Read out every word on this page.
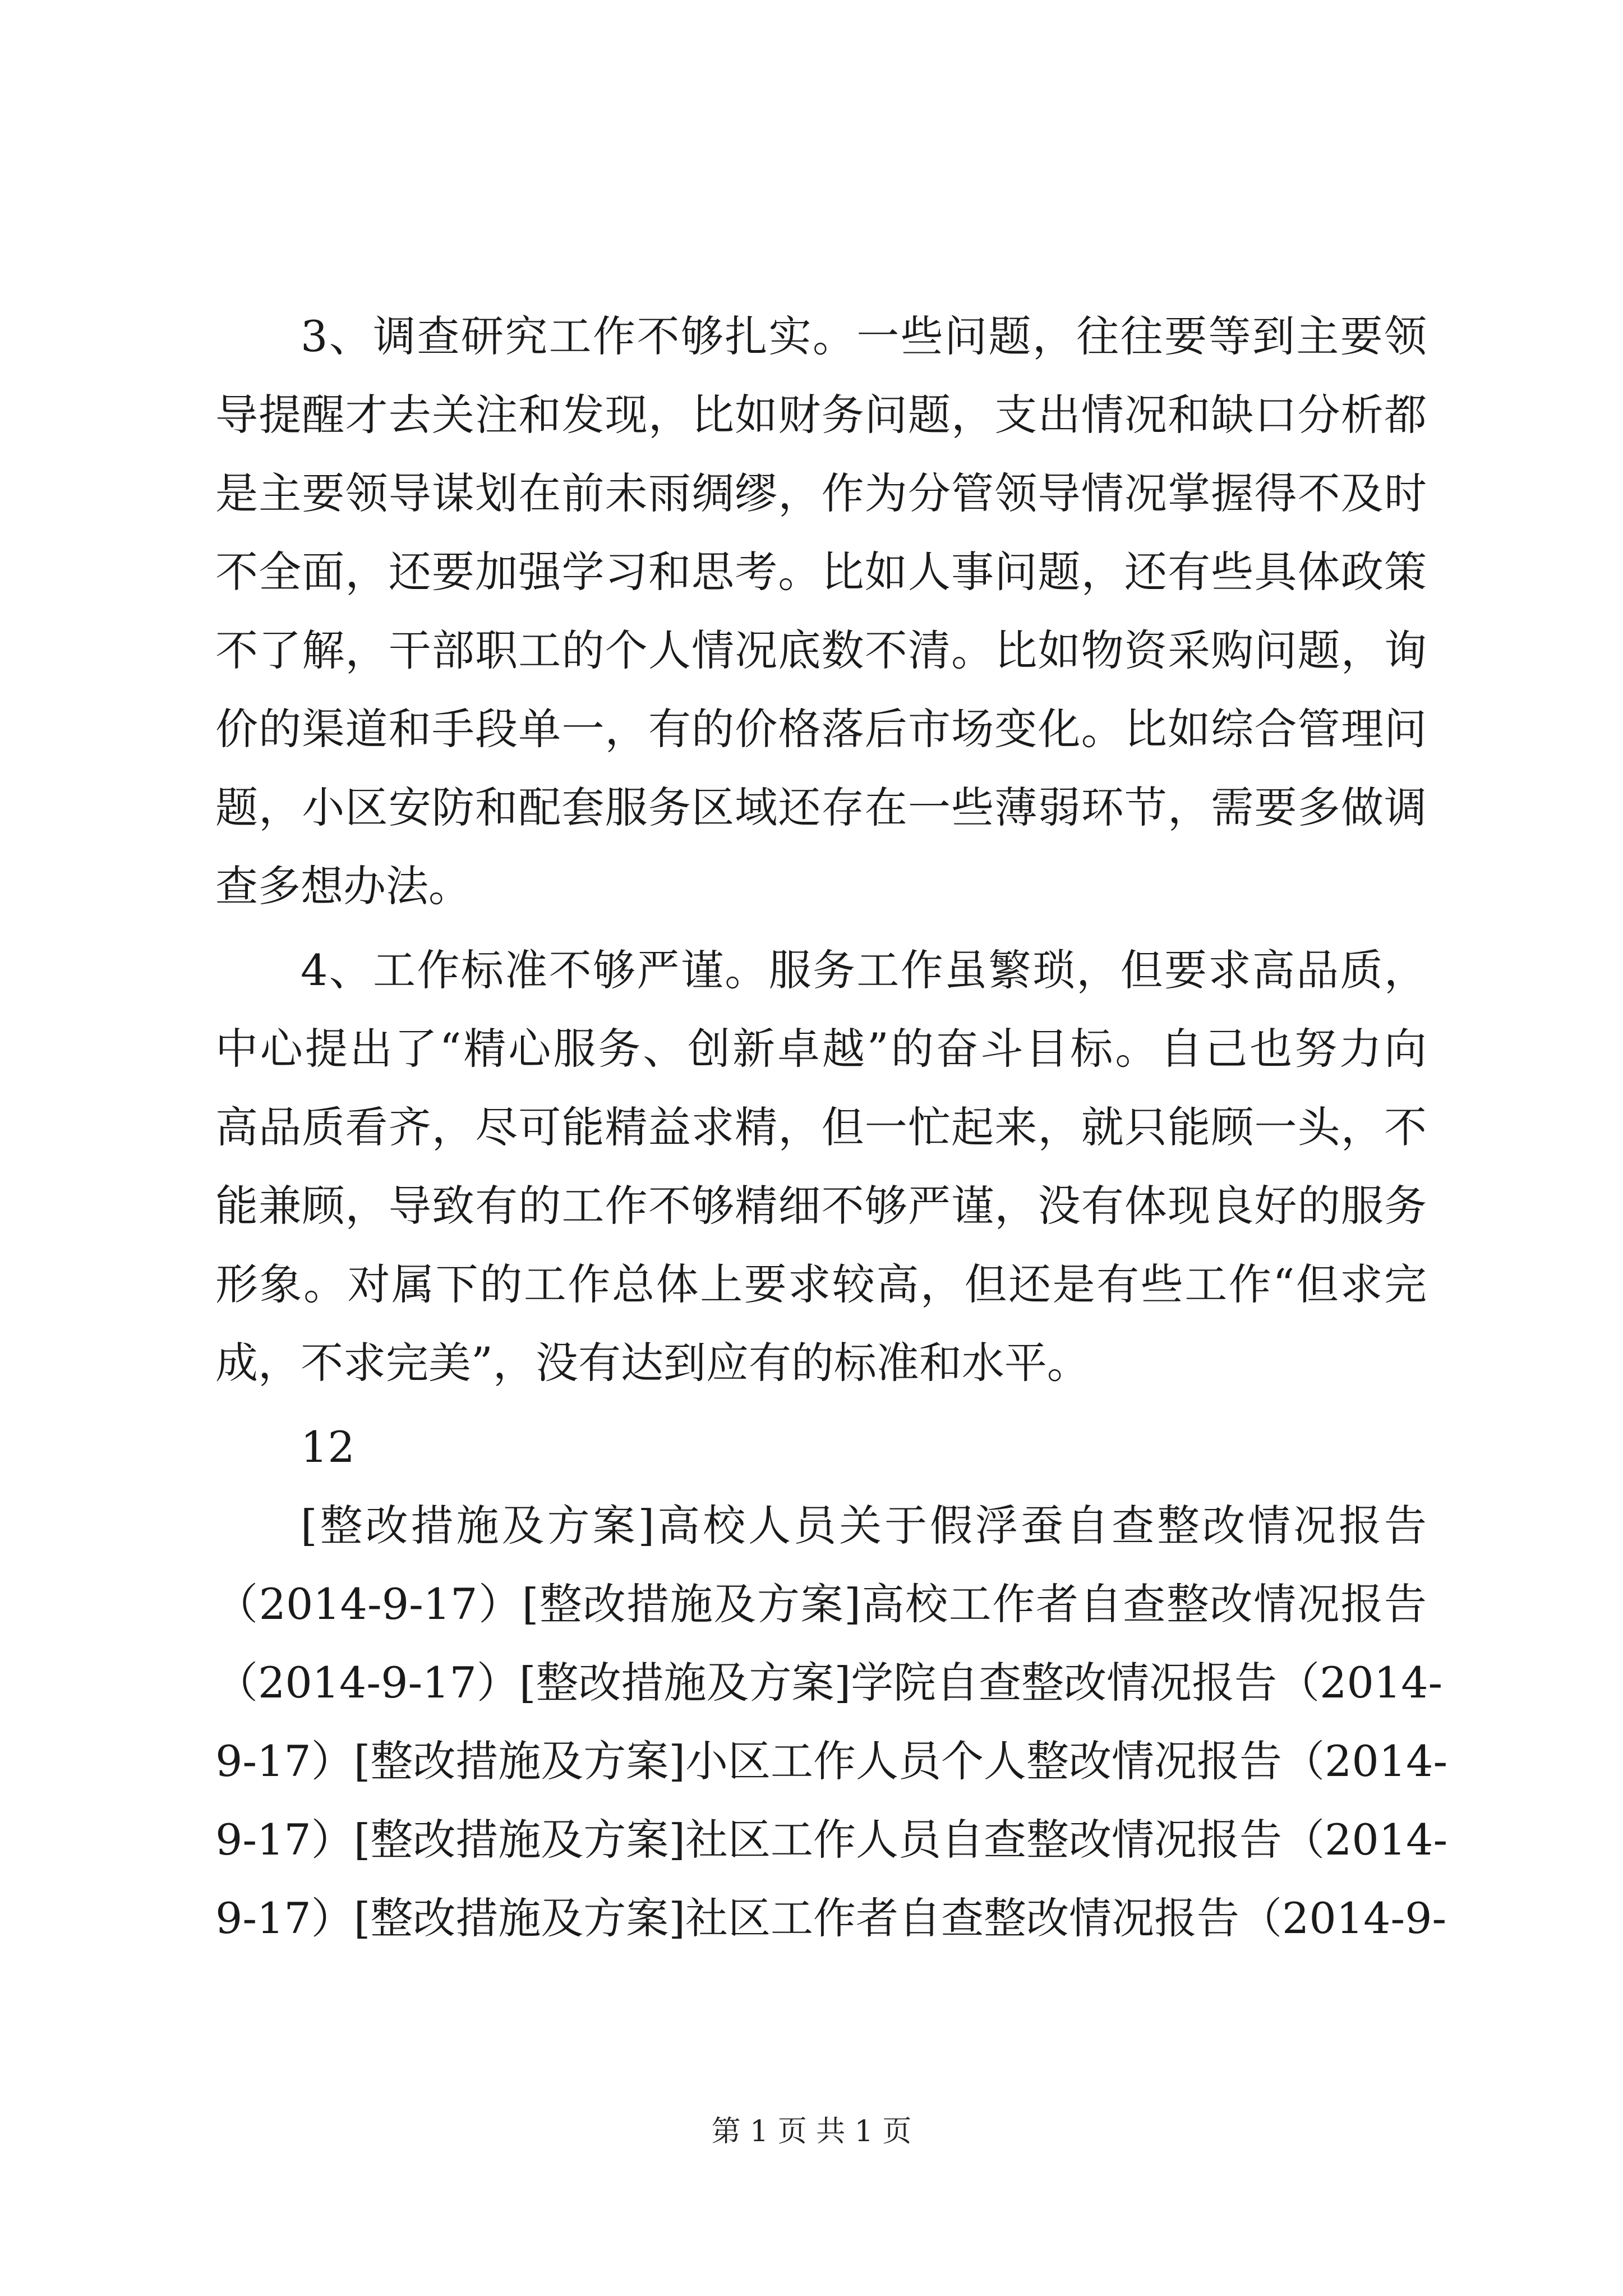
3、调查研究工作不够扎实。一些问题，往往要等到主要领
导提醒才去关注和发现，比如财务问题，支出情况和缺口分析都
是主要领导谋划在前未雨绸缪，作为分管领导情况掌握得不及时
不全面，还要加强学习和思考。比如人事问题，还有些具体政策
不了解，干部职工的个人情况底数不清。比如物资采购问题，询
价的渠道和手段单一，有的价格落后市场变化。比如综合管理问
题，小区安防和配套服务区域还存在一些薄弱环节，需要多做调
查多想办法。
4、工作标准不够严谨。服务工作虽繁琐，但要求高品质，
中心提出了“精心服务、创新卓越”的奋斗目标。自己也努力向
高品质看齐，尽可能精益求精，但一忙起来，就只能顾一头，不
能兼顾，导致有的工作不够精细不够严谨，没有体现良好的服务
形象。对属下的工作总体上要求较高，但还是有些工作“但求完
成，不求完美”，没有达到应有的标准和水平。
12
[整改措施及方案]高校人员关于假浮蚕自查整改情况报告
（2014-9-17）[整改措施及方案]高校工作者自查整改情况报告
（2014-9-17）[整改措施及方案]学院自查整改情况报告（2014-
9-17）[整改措施及方案]小区工作人员个人整改情况报告（2014-
9-17）[整改措施及方案]社区工作人员自查整改情况报告（2014-
9-17）[整改措施及方案]社区工作者自查整改情况报告（2014-9-
第 1 页 共 1 页
